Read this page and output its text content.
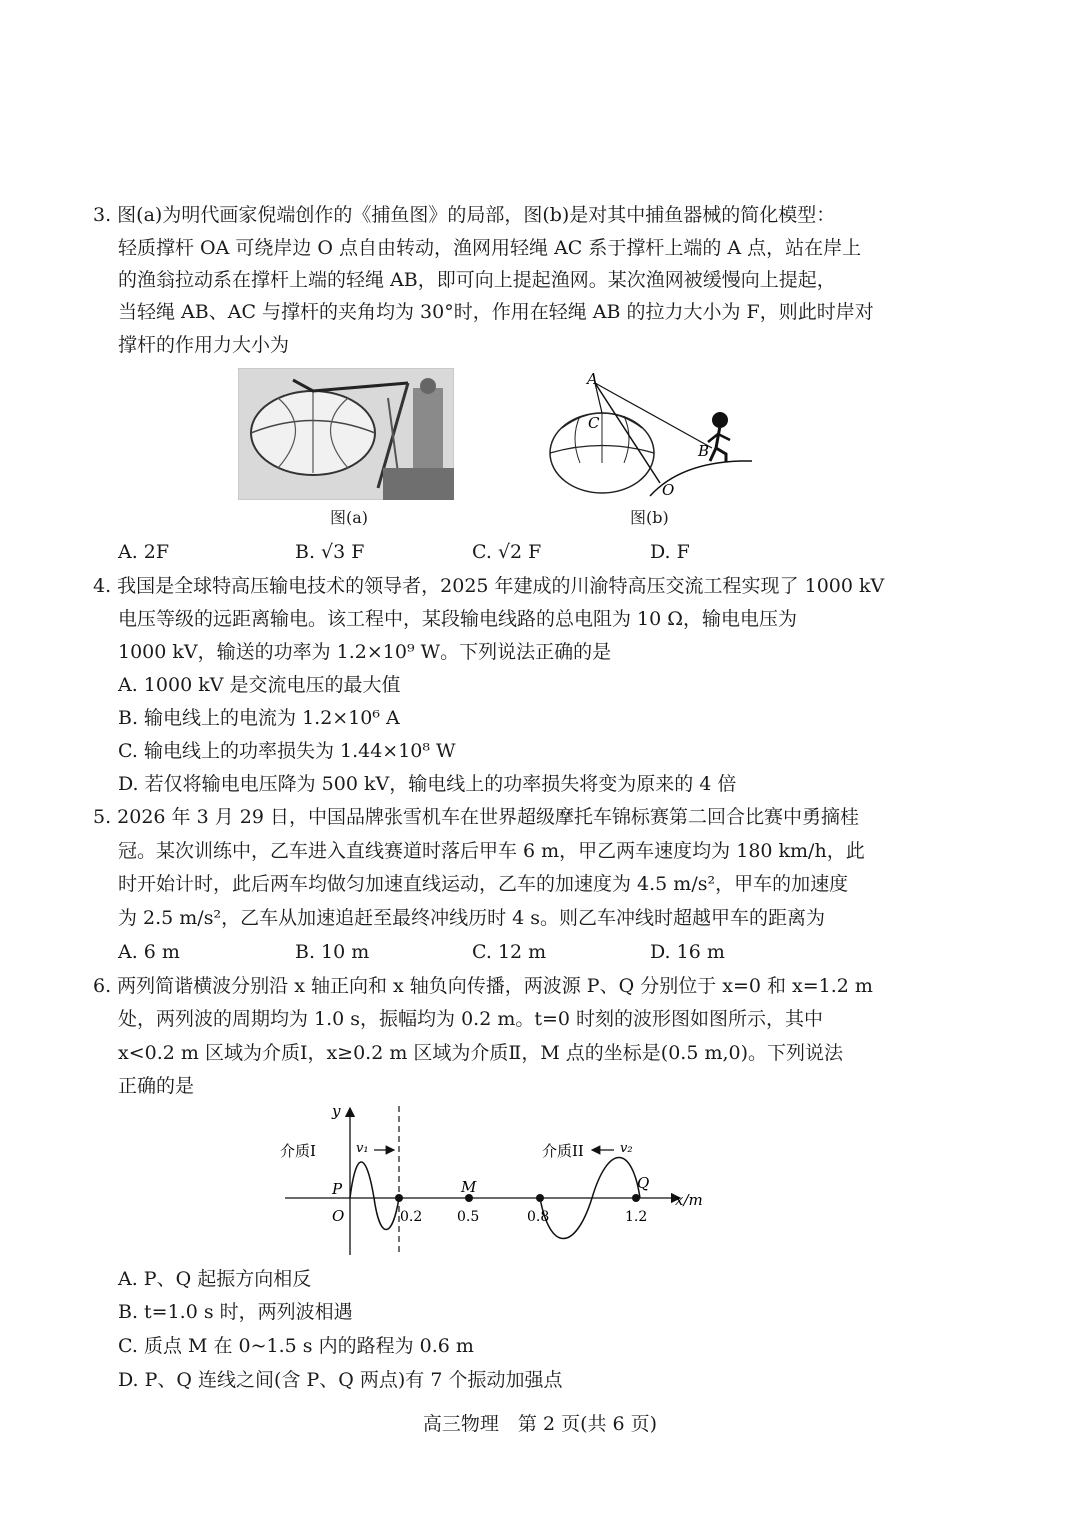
3. 图(a)为明代画家倪端创作的《捕鱼图》的局部，图(b)是对其中捕鱼器械的简化模型：
轻质撑杆 OA 可绕岸边 O 点自由转动，渔网用轻绳 AC 系于撑杆上端的 A 点，站在岸上
的渔翁拉动系在撑杆上端的轻绳 AB，即可向上提起渔网。某次渔网被缓慢向上提起，
当轻绳 AB、AC 与撑杆的夹角均为 30°时，作用在轻绳 AB 的拉力大小为 F，则此时岸对
撑杆的作用力大小为
图(a)
A
C
B
O
图(b)
A. 2F	B. √3 F	C. √2 F	D. F
4. 我国是全球特高压输电技术的领导者，2025 年建成的川渝特高压交流工程实现了 1000 kV
电压等级的远距离输电。该工程中，某段输电线路的总电阻为 10 Ω，输电电压为
1000 kV，输送的功率为 1.2×10⁹ W。下列说法正确的是
A. 1000 kV 是交流电压的最大值
B. 输电线上的电流为 1.2×10⁶ A
C. 输电线上的功率损失为 1.44×10⁸ W
D. 若仅将输电电压降为 500 kV，输电线上的功率损失将变为原来的 4 倍
5. 2026 年 3 月 29 日，中国品牌张雪机车在世界超级摩托车锦标赛第二回合比赛中勇摘桂
冠。某次训练中，乙车进入直线赛道时落后甲车 6 m，甲乙两车速度均为 180 km/h，此
时开始计时，此后两车均做匀加速直线运动，乙车的加速度为 4.5 m/s²，甲车的加速度
为 2.5 m/s²，乙车从加速追赶至最终冲线历时 4 s。则乙车冲线时超越甲车的距离为
A. 6 m	B. 10 m	C. 12 m	D. 16 m
6. 两列简谐横波分别沿 x 轴正向和 x 轴负向传播，两波源 P、Q 分别位于 x=0 和 x=1.2 m
处，两列波的周期均为 1.0 s，振幅均为 0.2 m。t=0 时刻的波形图如图所示，其中
x<0.2 m 区域为介质Ⅰ，x≥0.2 m 区域为介质Ⅱ，M 点的坐标是(0.5 m,0)。下列说法
正确的是
y
x/m
介质I	介质II
v₁	v₂
P	Q
M
O	0.2 0.5	0.8	1.2
A. P、Q 起振方向相反
B. t=1.0 s 时，两列波相遇
C. 质点 M 在 0~1.5 s 内的路程为 0.6 m
D. P、Q 连线之间(含 P、Q 两点)有 7 个振动加强点
高三物理　第 2 页(共 6 页)
